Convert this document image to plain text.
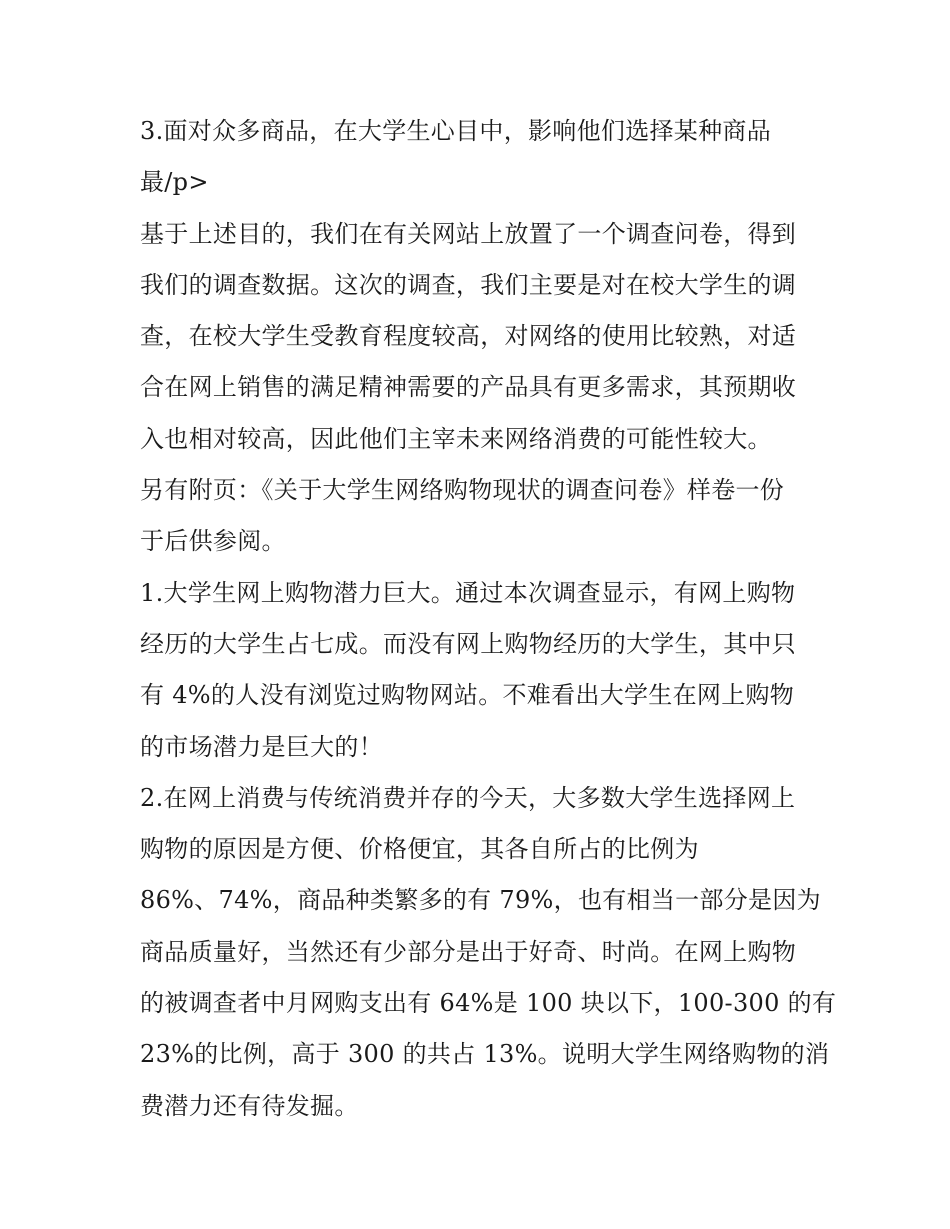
3.面对众多商品，在大学生心目中，影响他们选择某种商品
最/p>
基于上述目的，我们在有关网站上放置了一个调查问卷，得到
我们的调查数据。这次的调查，我们主要是对在校大学生的调
查，在校大学生受教育程度较高，对网络的使用比较熟，对适
合在网上销售的满足精神需要的产品具有更多需求，其预期收
入也相对较高，因此他们主宰未来网络消费的可能性较大。
另有附页：《关于大学生网络购物现状的调查问卷》样卷一份
于后供参阅。
1.大学生网上购物潜力巨大。通过本次调查显示，有网上购物
经历的大学生占七成。而没有网上购物经历的大学生，其中只
有 4%的人没有浏览过购物网站。不难看出大学生在网上购物
的市场潜力是巨大的！
2.在网上消费与传统消费并存的今天，大多数大学生选择网上
购物的原因是方便、价格便宜，其各自所占的比例为
86%、74%，商品种类繁多的有 79%，也有相当一部分是因为
商品质量好，当然还有少部分是出于好奇、时尚。在网上购物
的被调查者中月网购支出有 64%是 100 块以下，100-300 的有
23%的比例，高于 300 的共占 13%。说明大学生网络购物的消
费潜力还有待发掘。
